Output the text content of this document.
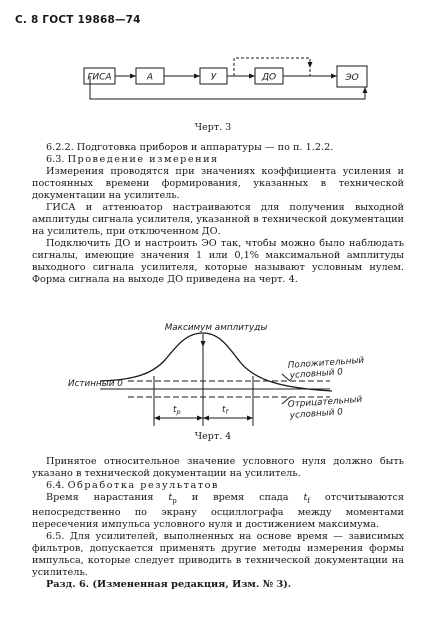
С. 8 ГОСТ 19868—74
ГИСА	А	У	ДО	ЭО
Черт. 3

6.2.2. Подготовка приборов и аппаратуры — по п. 1.2.2.

6.3. Проведение измерения

Измерения проводятся при значениях коэффициента усиления и постоянных времени формирования, указанных в технической документации на усилитель.

ГИСА и аттенюатор настраиваются для получения выходной амплитуды сигнала усилителя, указанной в технической документации на усилитель, при отключенном ДО.

Подключить ДО и настроить ЭО так, чтобы можно было наблюдать сигналы, имеющие значения 1 или 0,1% максимальной амплитуды выходного сигнала усилителя, которые называют условным нулем. Форма сигнала на выходе ДО приведена на черт. 4.

Максимум амплитуды
Истинный 0
Положительный
условный 0
Отрицательный
условный 0
$t_р$	$t_f$
Черт. 4

Принятое относительное значение условного нуля должно быть указано в технической документации на усилитель.

6.4. Обработка результатов

Время нарастания $t_р$ и время спада $t_f$ отсчитываются непосредственно по экрану осциллографа между моментами пересечения импульса условного нуля и достижением максимума.

6.5. Для усилителей, выполненных на основе время — зависимых фильтров, допускается применять другие методы измерения формы импульса, которые следует приводить в технической документации на усилитель.

Разд. 6. (Измененная редакция, Изм. № 3).
